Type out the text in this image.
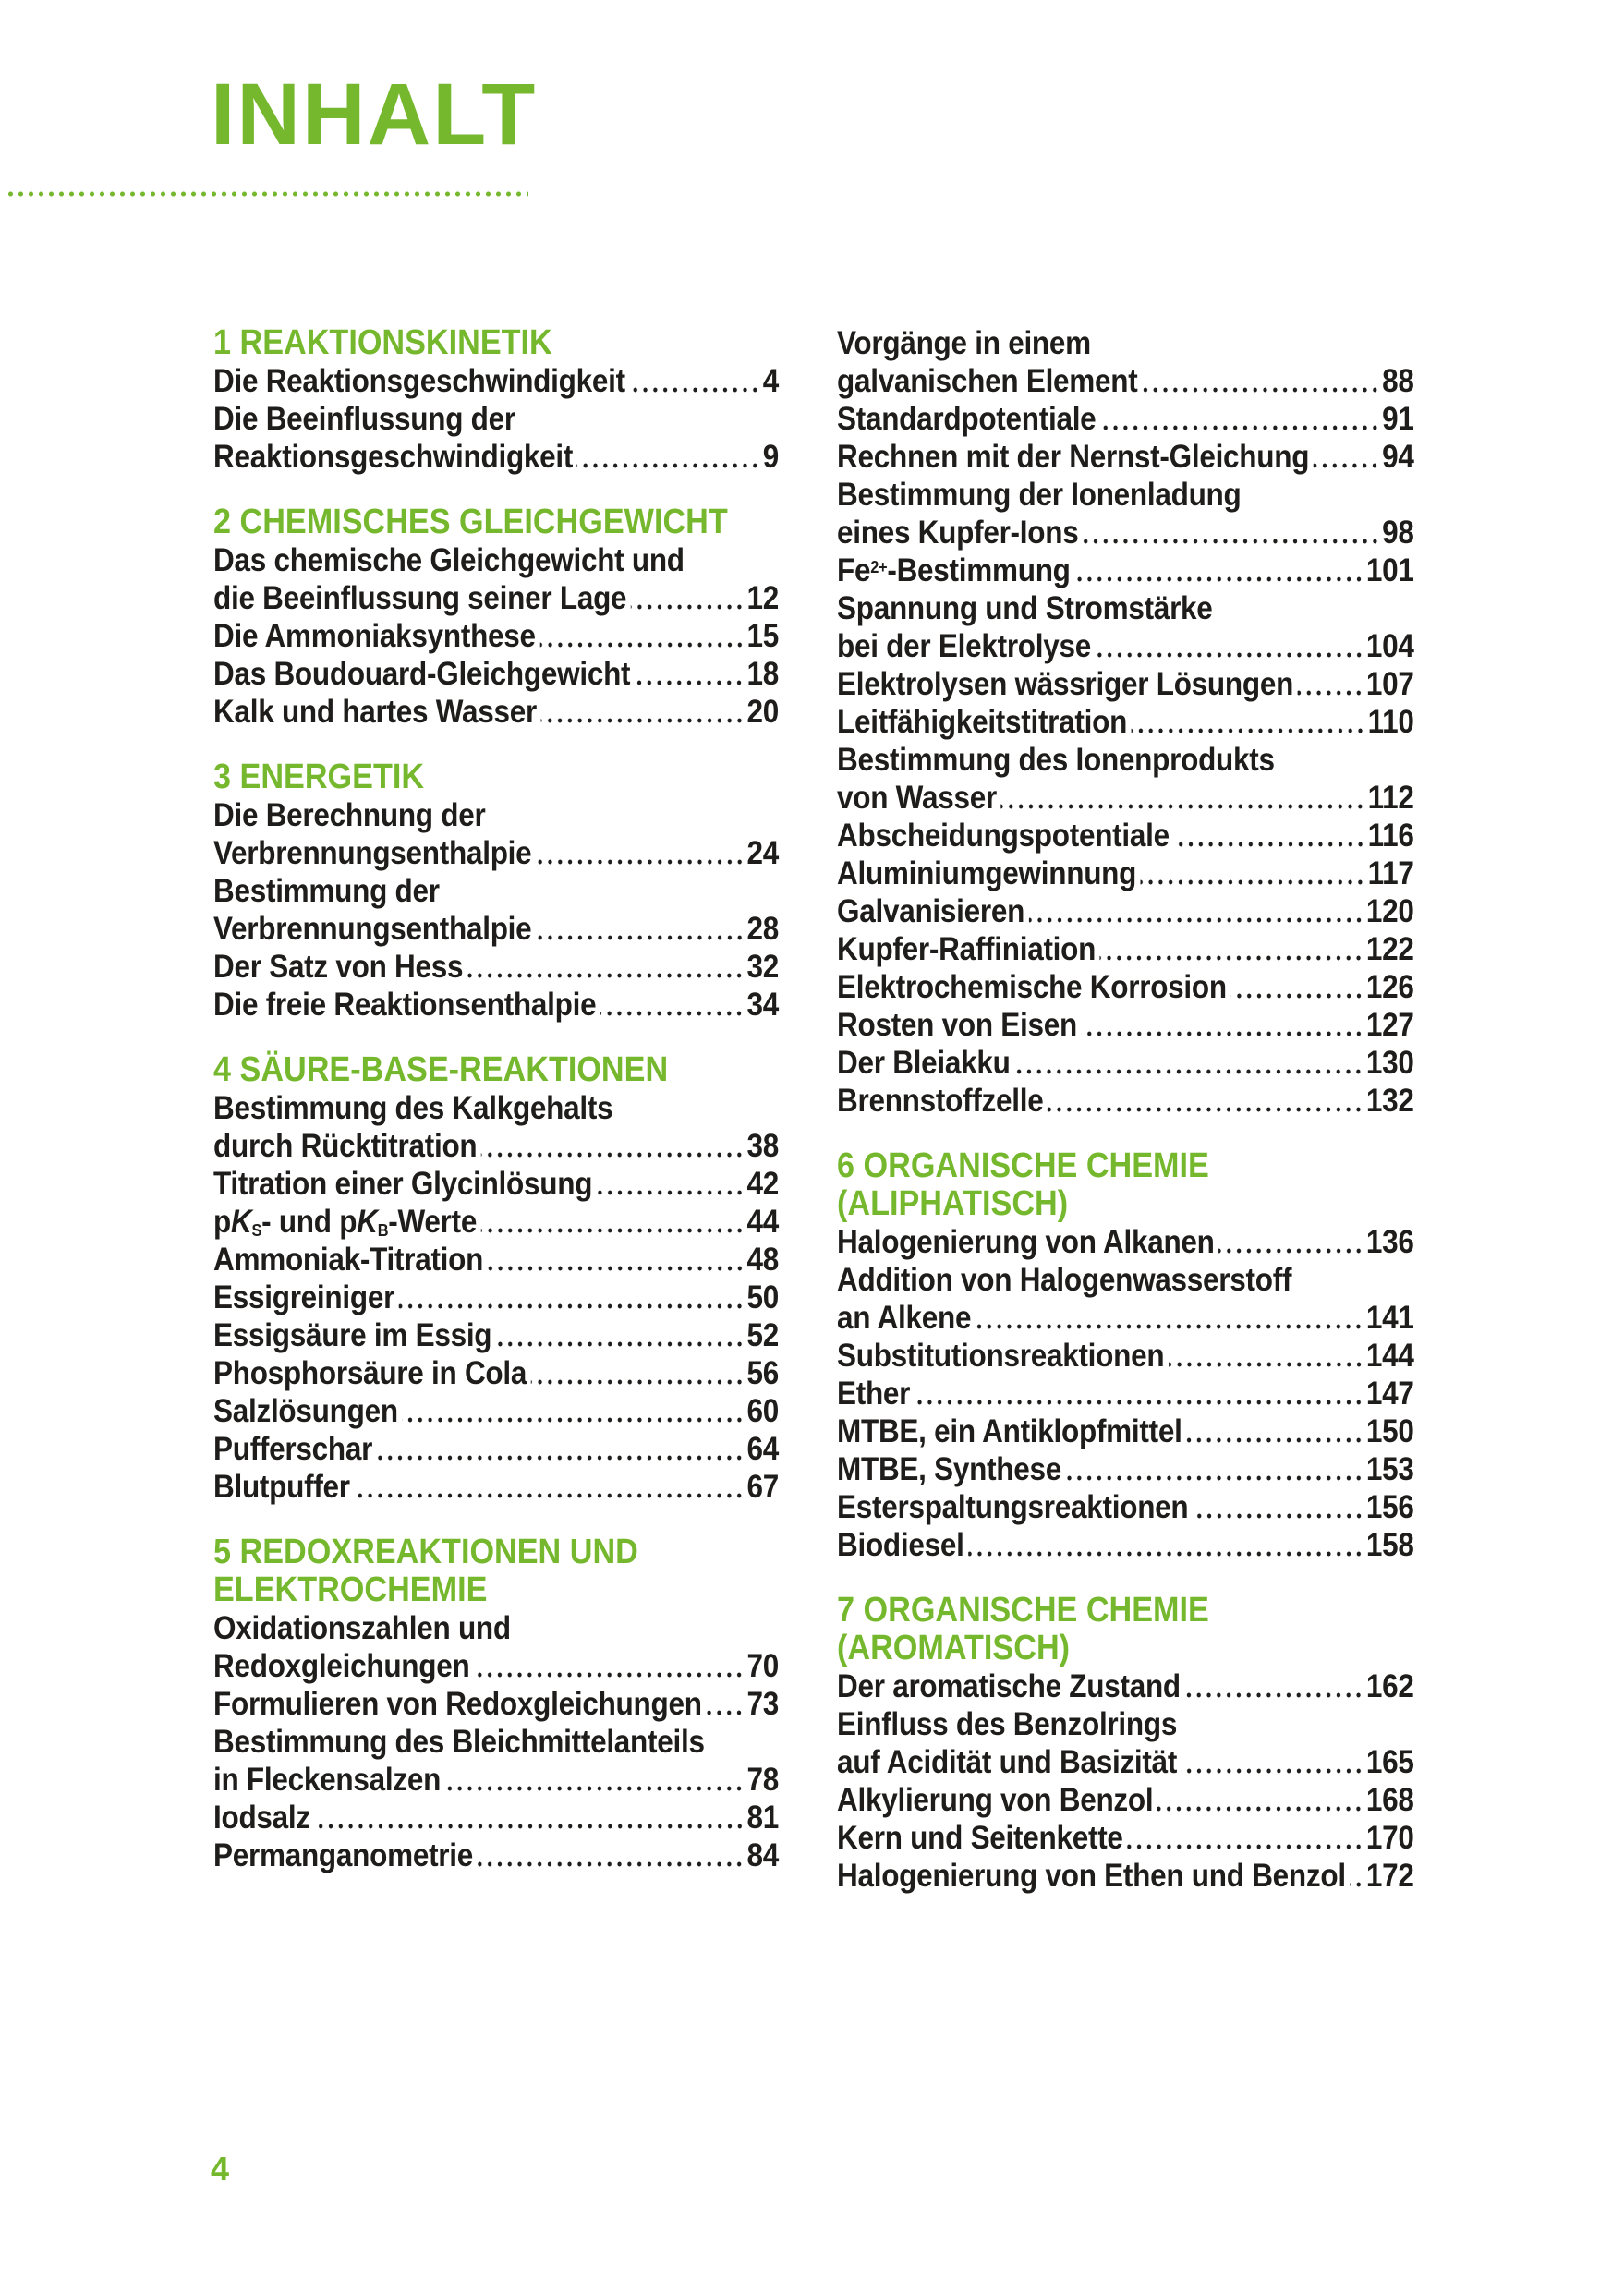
INHALT
1 REAKTIONSKINETIK
Die Reaktionsgeschwindigkeit	4
Die Beeinflussung der
Reaktionsgeschwindigkeit	9
2 CHEMISCHES GLEICHGEWICHT
Das chemische Gleichgewicht und
die Beeinflussung seiner Lage	12
Die Ammoniaksynthese	15
Das Boudouard-Gleichgewicht	18
Kalk und hartes Wasser	20
3 ENERGETIK
Die Berechnung der
Verbrennungsenthalpie	24
Bestimmung der
Verbrennungsenthalpie	28
Der Satz von Hess	32
Die freie Reaktionsenthalpie	34
4 SÄURE-BASE-REAKTIONEN
Bestimmung des Kalkgehalts
durch Rücktitration	38
Titration einer Glycinlösung	42
$pK_S-$ und $pK_B$-Werte	44
Ammoniak-Titration	48
Essigreiniger	50
Essigsäure im Essig	52
Phosphorsäure in Cola	56
Salzlösungen	60
Pufferschar	64
Blutpuffer	67
5 REDOXREAKTIONEN UND
ELEKTROCHEMIE
Oxidationszahlen und
Redoxgleichungen	70
Formulieren von Redoxgleichungen 73
Bestimmung des Bleichmittelanteils
in Fleckensalzen	78
Iodsalz	81
Permanganometrie	84
Vorgänge in einem
galvanischen Element	88
Standardpotentiale	91
Rechnen mit der Nernst-Gleichung 94
Bestimmung der Ionenladung
eines Kupfer-Ions	98
$Fe^{2+}$-Bestimmung	101
Spannung und Stromstärke
bei der Elektrolyse	104
Elektrolysen wässriger Lösungen 107
Leitfähigkeitstitration	110
Bestimmung des Ionenprodukts
von Wasser	112
Abscheidungspotentiale	116
Aluminiumgewinnung	117
Galvanisieren	120
Kupfer-Raffiniation	122
Elektrochemische Korrosion	126
Rosten von Eisen	127
Der Bleiakku	130
Brennstoffzelle	132
6 ORGANISCHE CHEMIE
(ALIPHATISCH)
Halogenierung von Alkanen	136
Addition von Halogenwasserstoff
an Alkene	141
Substitutionsreaktionen	144
Ether	147
MTBE, ein Antiklopfmittel	150
MTBE, Synthese	153
Esterspaltungsreaktionen	156
Biodiesel	158
7 ORGANISCHE CHEMIE
(AROMATISCH)
Der aromatische Zustand	162
Einfluss des Benzolrings
auf Acidität und Basizität	165
Alkylierung von Benzol	168
Kern und Seitenkette	170
Halogenierung von Ethen und Benzol 172
4
